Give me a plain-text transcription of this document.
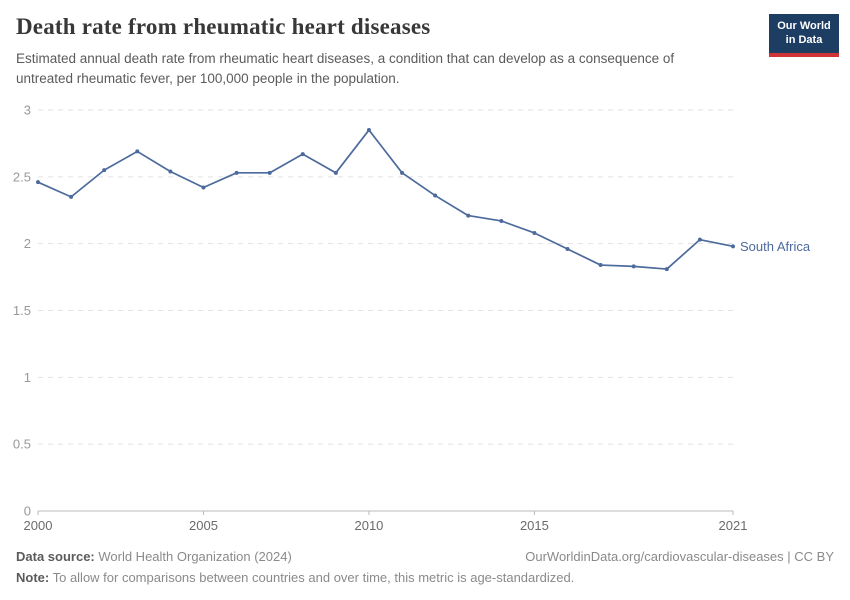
Death rate from rheumatic heart diseases

Estimated annual death rate from rheumatic heart diseases, a condition that can develop as a consequence of
untreated rheumatic fever, per 100,000 people in the population.

Our World
in Data
0
0.5
1
1.5
2
2.5
3
2000	2005	2010	2015	2021
South Africa
Data source: World Health Organization (2024)	OurWorldinData.org/cardiovascular-diseases | CC BY
Note: To allow for comparisons between countries and over time, this metric is age-standardized.
